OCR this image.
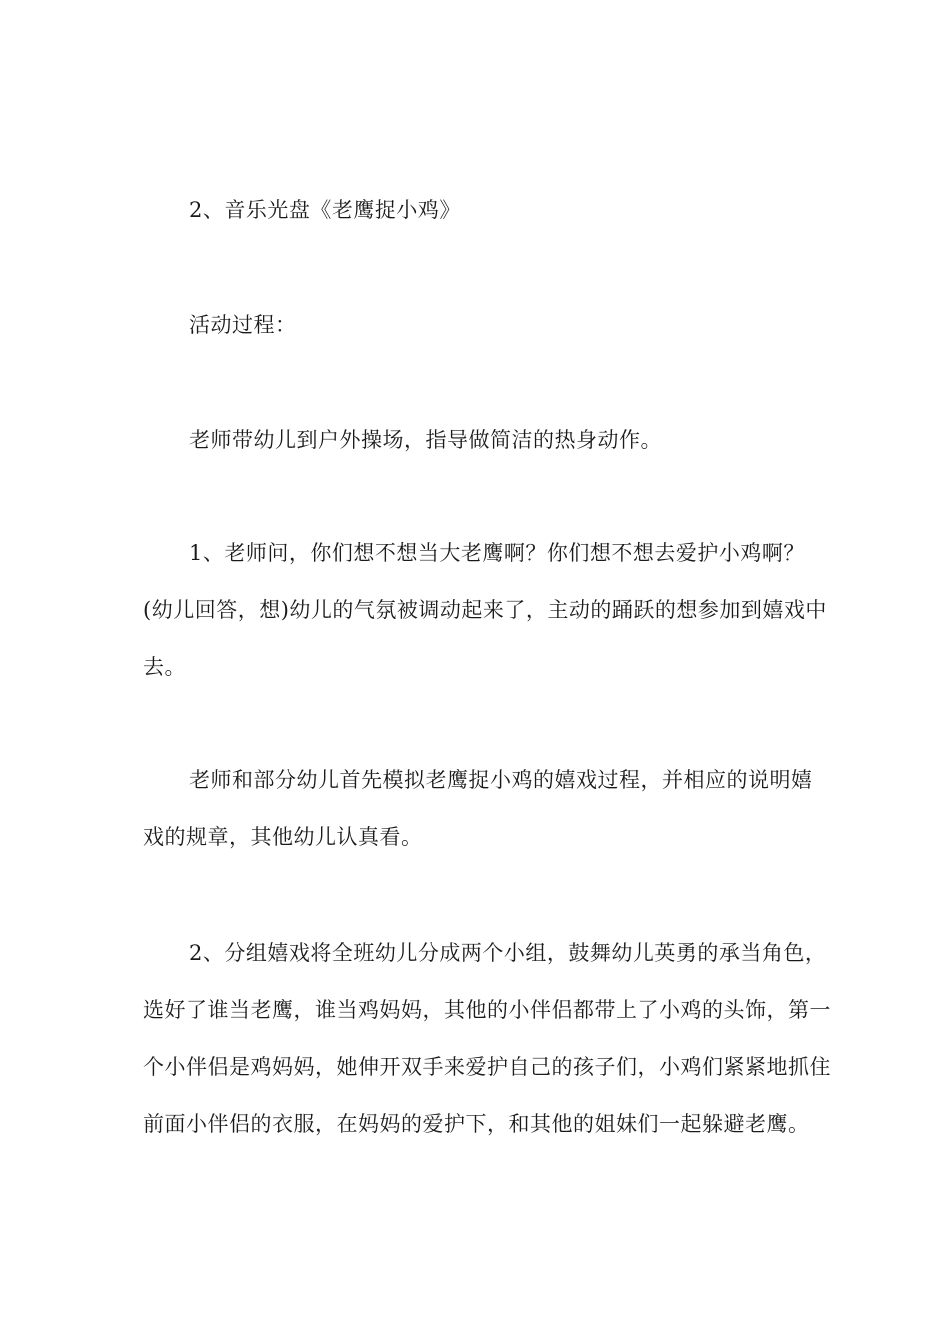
2、音乐光盘《老鹰捉小鸡》

活动过程：

老师带幼儿到户外操场，指导做简洁的热身动作。

1、老师问，你们想不想当大老鹰啊？你们想不想去爱护小鸡啊？(幼儿回答，想)幼儿的气氛被调动起来了，主动的踊跃的想参加到嬉戏中去。

老师和部分幼儿首先模拟老鹰捉小鸡的嬉戏过程，并相应的说明嬉戏的规章，其他幼儿认真看。

2、分组嬉戏将全班幼儿分成两个小组，鼓舞幼儿英勇的承当角色，选好了谁当老鹰，谁当鸡妈妈，其他的小伴侣都带上了小鸡的头饰，第一个小伴侣是鸡妈妈，她伸开双手来爱护自己的孩子们，小鸡们紧紧地抓住前面小伴侣的衣服，在妈妈的爱护下，和其他的姐妹们一起躲避老鹰。
